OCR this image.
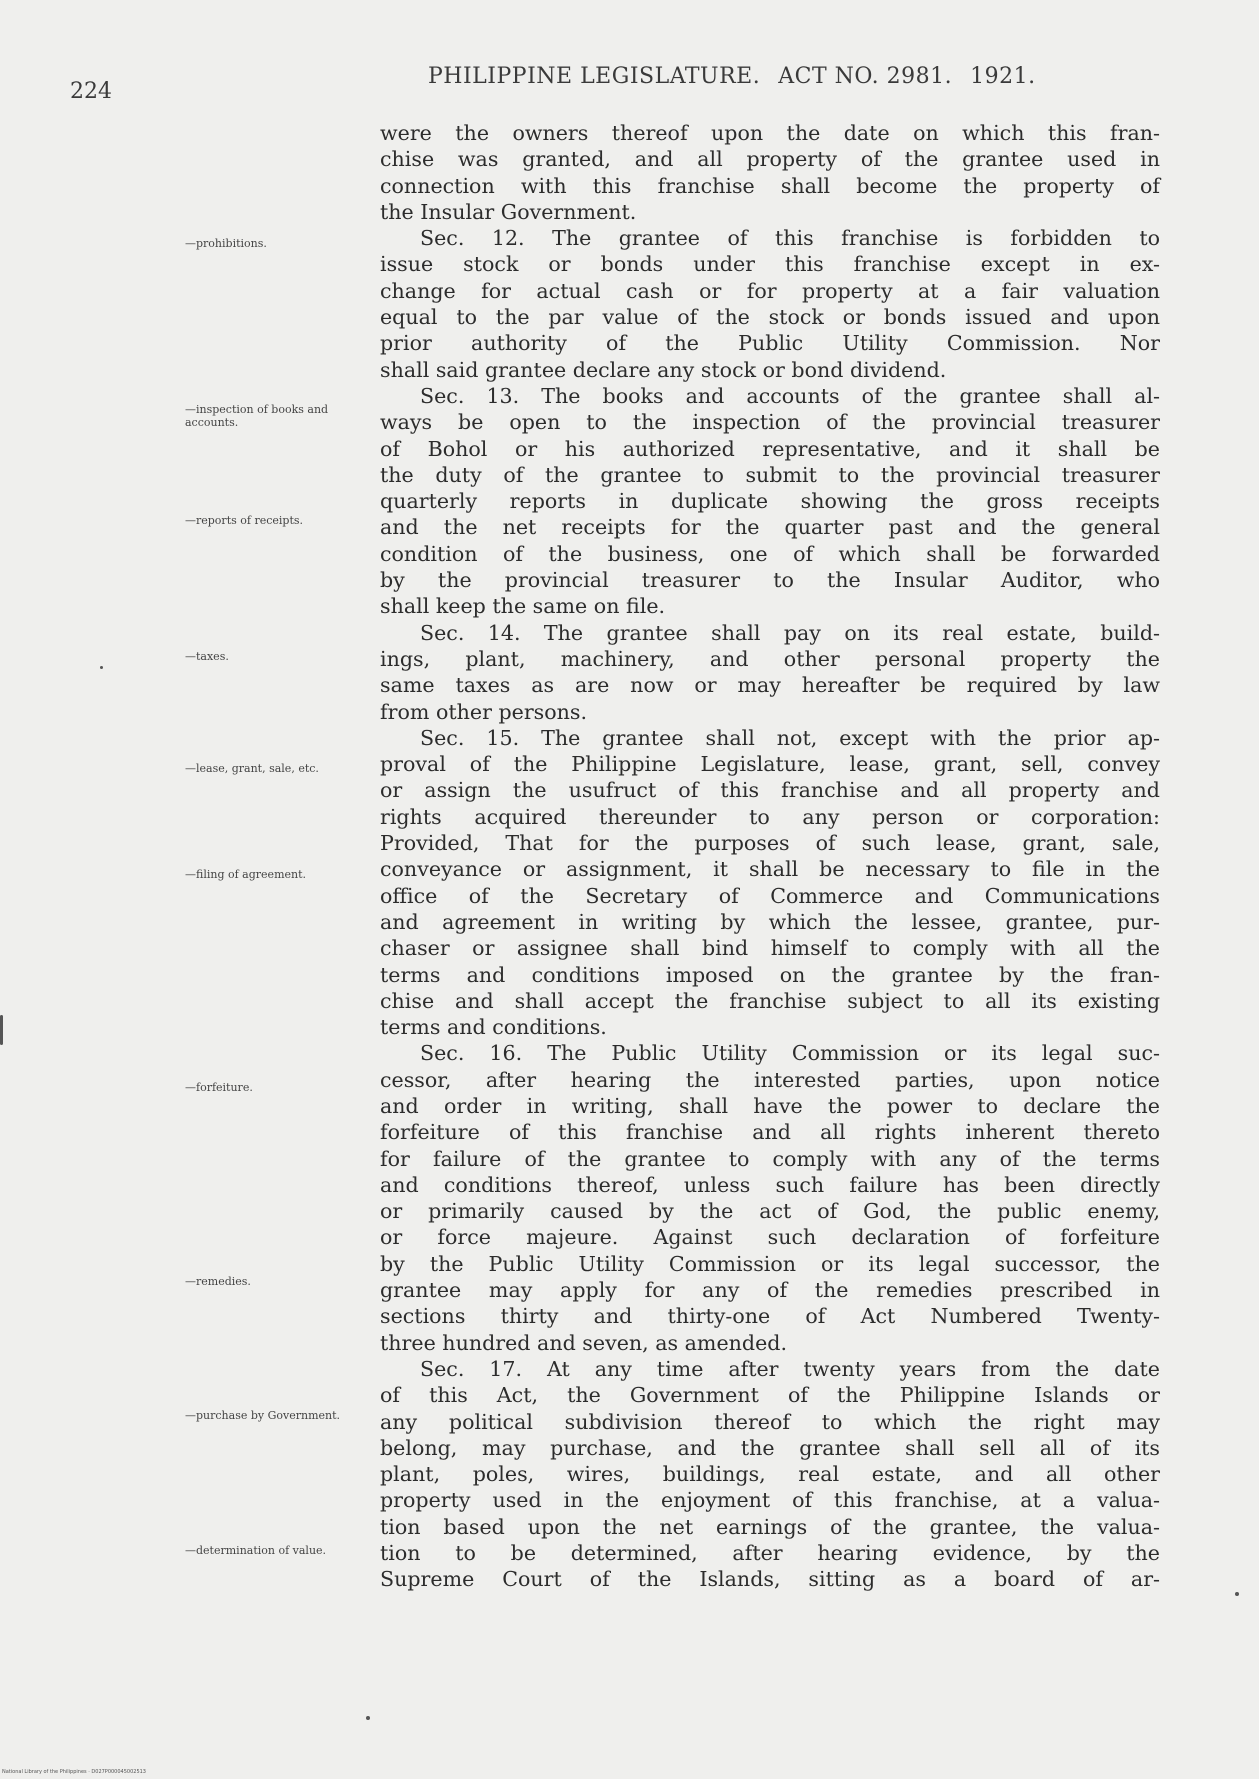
224
PHILIPPINE LEGISLATURE. ACT NO. 2981. 1921.
—prohibitions.
—inspection of books and accounts.
—reports of receipts.
—taxes.
—lease, grant, sale, etc.
—filing of agreement.
—forfeiture.
—remedies.
—purchase by Government.
—determination of value.
were the owners thereof upon the date on which this fran-
chise was granted, and all property of the grantee used in
connection with this franchise shall become the property of
the Insular Government.
Sec. 12. The grantee of this franchise is forbidden to
issue stock or bonds under this franchise except in ex-
change for actual cash or for property at a fair valuation
equal to the par value of the stock or bonds issued and upon
prior authority of the Public Utility Commission. Nor
shall said grantee declare any stock or bond dividend.
Sec. 13. The books and accounts of the grantee shall al-
ways be open to the inspection of the provincial treasurer
of Bohol or his authorized representative, and it shall be
the duty of the grantee to submit to the provincial treasurer
quarterly reports in duplicate showing the gross receipts
and the net receipts for the quarter past and the general
condition of the business, one of which shall be forwarded
by the provincial treasurer to the Insular Auditor, who
shall keep the same on file.
Sec. 14. The grantee shall pay on its real estate, build-
ings, plant, machinery, and other personal property the
same taxes as are now or may hereafter be required by law
from other persons.
Sec. 15. The grantee shall not, except with the prior ap-
proval of the Philippine Legislature, lease, grant, sell, convey
or assign the usufruct of this franchise and all property and
rights acquired thereunder to any person or corporation:
Provided, That for the purposes of such lease, grant, sale,
conveyance or assignment, it shall be necessary to file in the
office of the Secretary of Commerce and Communications
and agreement in writing by which the lessee, grantee, pur-
chaser or assignee shall bind himself to comply with all the
terms and conditions imposed on the grantee by the fran-
chise and shall accept the franchise subject to all its existing
terms and conditions.
Sec. 16. The Public Utility Commission or its legal suc-
cessor, after hearing the interested parties, upon notice
and order in writing, shall have the power to declare the
forfeiture of this franchise and all rights inherent thereto
for failure of the grantee to comply with any of the terms
and conditions thereof, unless such failure has been directly
or primarily caused by the act of God, the public enemy,
or force majeure. Against such declaration of forfeiture
by the Public Utility Commission or its legal successor, the
grantee may apply for any of the remedies prescribed in
sections thirty and thirty-one of Act Numbered Twenty-
three hundred and seven, as amended.
Sec. 17. At any time after twenty years from the date
of this Act, the Government of the Philippine Islands or
any political subdivision thereof to which the right may
belong, may purchase, and the grantee shall sell all of its
plant, poles, wires, buildings, real estate, and all other
property used in the enjoyment of this franchise, at a valua-
tion based upon the net earnings of the grantee, the valua-
tion to be determined, after hearing evidence, by the
Supreme Court of the Islands, sitting as a board of ar-
National Library of the Philippines · D027P000045002513
